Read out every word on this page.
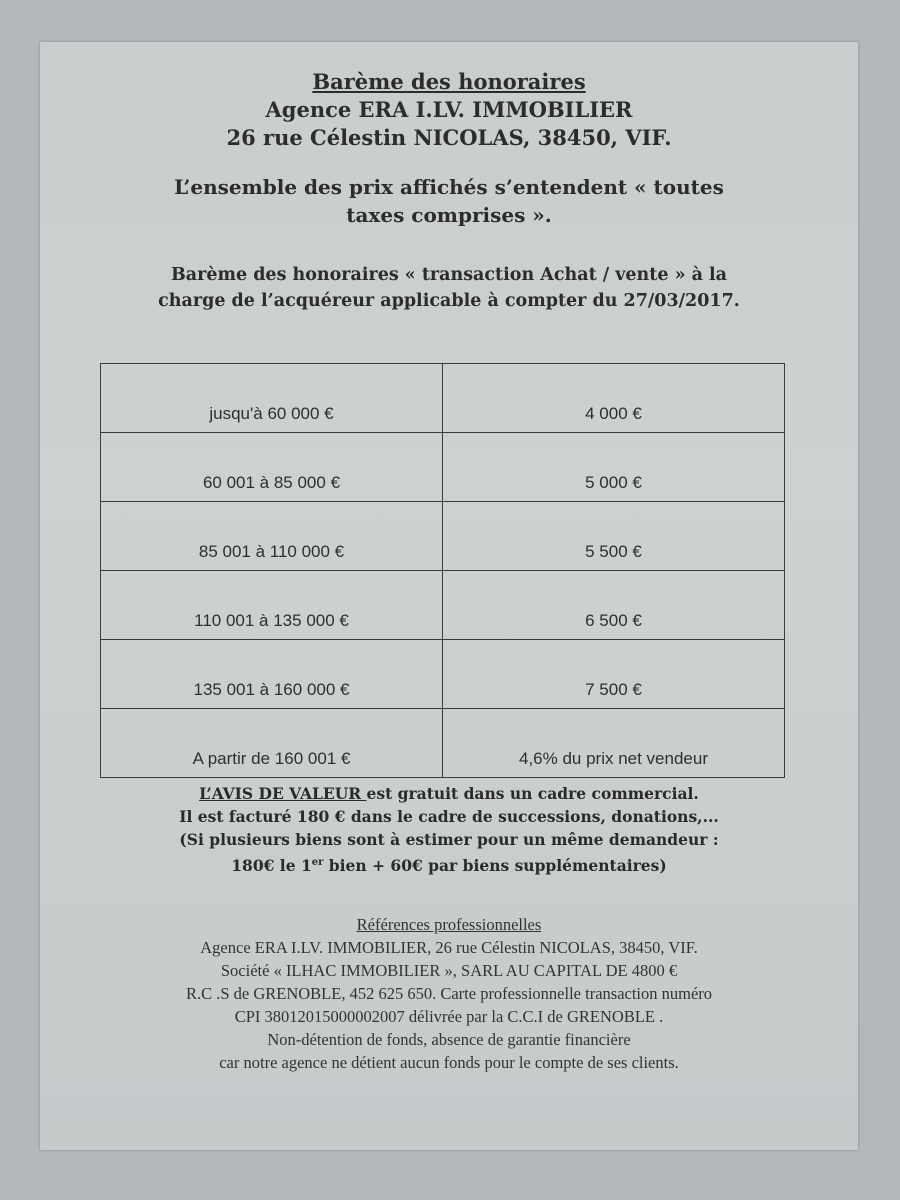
Barème des honoraires
Agence ERA I.LV. IMMOBILIER
26 rue Célestin NICOLAS, 38450, VIF.
L’ensemble des prix affichés s’entendent « toutes
taxes comprises ».
Barème des honoraires « transaction Achat / vente » à la
charge de l’acquéreur applicable à compter du 27/03/2017.
jusqu'à 60 000 €	4 000 €
60 001 à 85 000 €	5 000 €
85 001 à 110 000 €	5 500 €
110 001 à 135 000 €	6 500 €
135 001 à 160 000 €	7 500 €
A partir de 160 001 €	4,6% du prix net vendeur
L’AVIS DE VALEUR est gratuit dans un cadre commercial.
Il est facturé 180 € dans le cadre de successions, donations,...
(Si plusieurs biens sont à estimer pour un même demandeur :
180€ le 1er bien + 60€ par biens supplémentaires)
Références professionnelles
Agence ERA I.LV. IMMOBILIER, 26 rue Célestin NICOLAS, 38450, VIF.
Société « ILHAC IMMOBILIER », SARL AU CAPITAL DE 4800 €
R.C .S de GRENOBLE, 452 625 650. Carte professionnelle transaction numéro
CPI 38012015000002007 délivrée par la C.C.I de GRENOBLE .
Non-détention de fonds, absence de garantie financière
car notre agence ne détient aucun fonds pour le compte de ses clients.
